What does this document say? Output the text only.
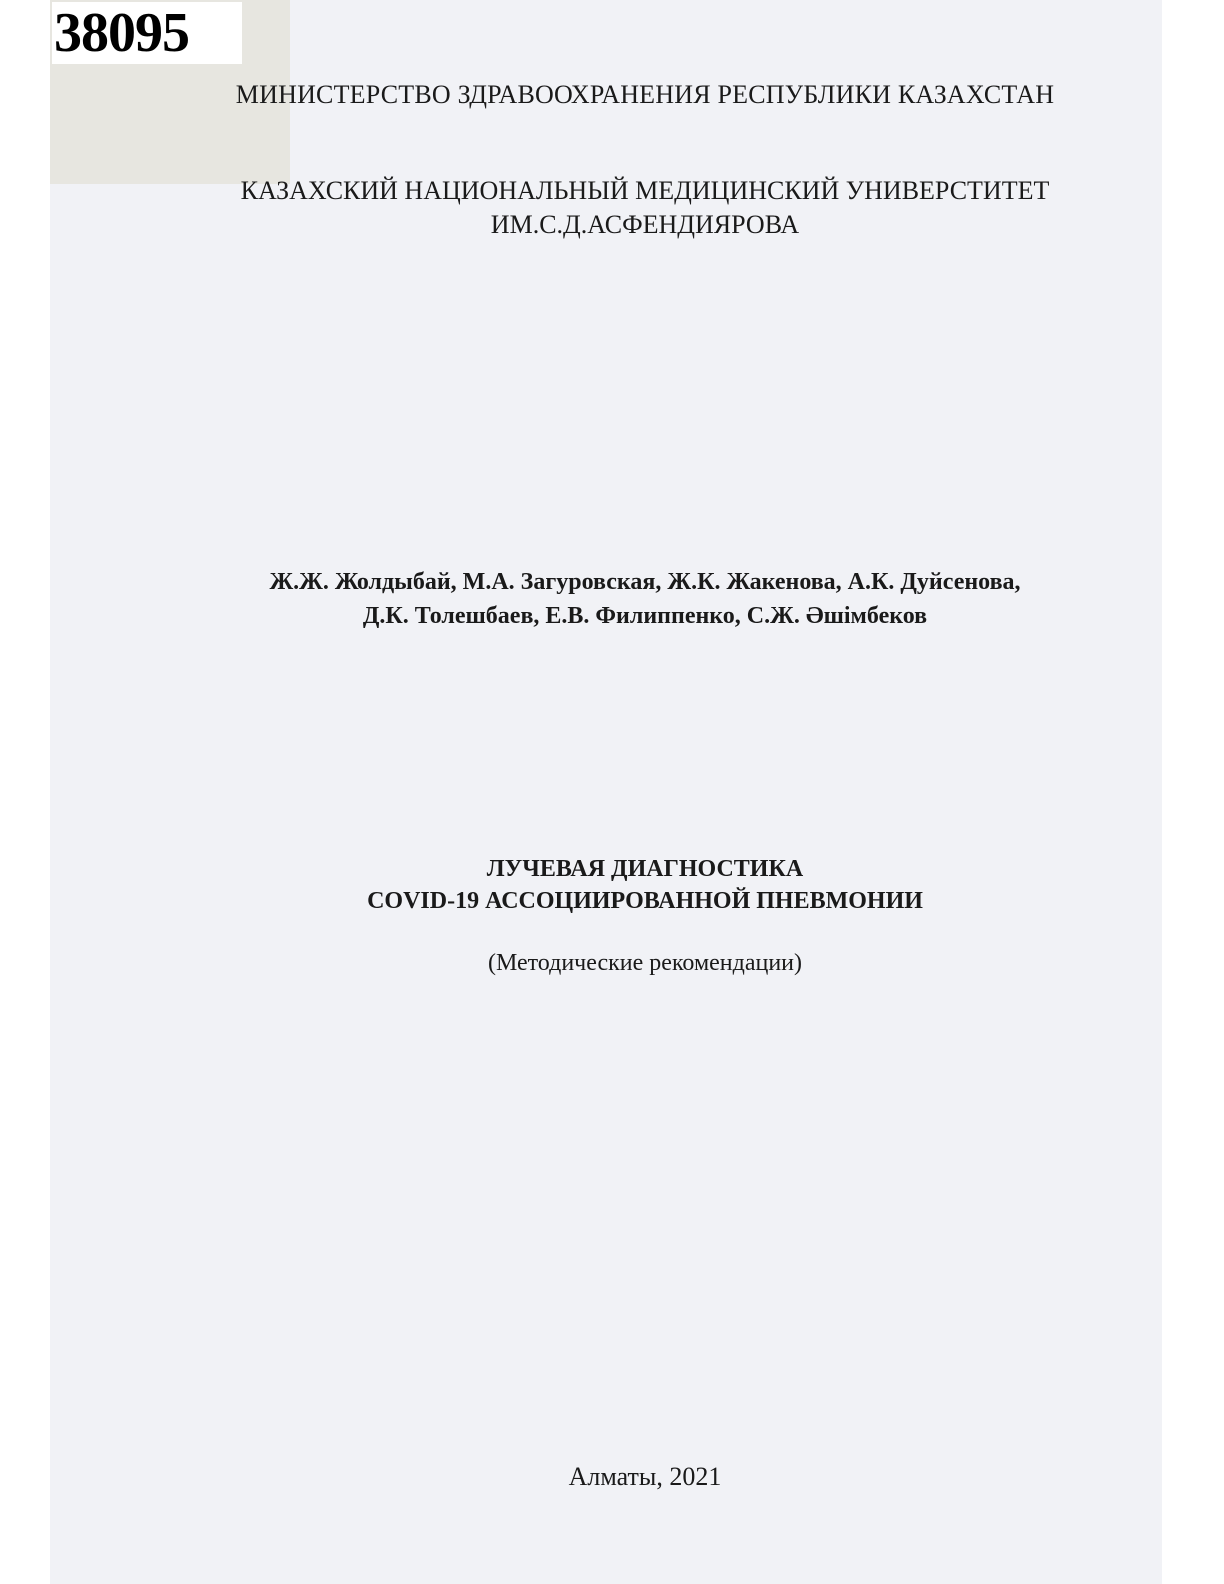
38095
МИНИСТЕРСТВО ЗДРАВООХРАНЕНИЯ РЕСПУБЛИКИ КАЗАХСТАН
КАЗАХСКИЙ НАЦИОНАЛЬНЫЙ МЕДИЦИНСКИЙ УНИВЕРСТИТЕТ
ИМ.С.Д.АСФЕНДИЯРОВА
Ж.Ж. Жолдыбай, М.А. Загуровская, Ж.К. Жакенова, А.К. Дуйсенова,
Д.К. Толешбаев, Е.В. Филиппенко, С.Ж. Әшімбеков
ЛУЧЕВАЯ ДИАГНОСТИКА
COVID-19 АССОЦИИРОВАННОЙ ПНЕВМОНИИ
(Методические рекомендации)
Алматы, 2021
